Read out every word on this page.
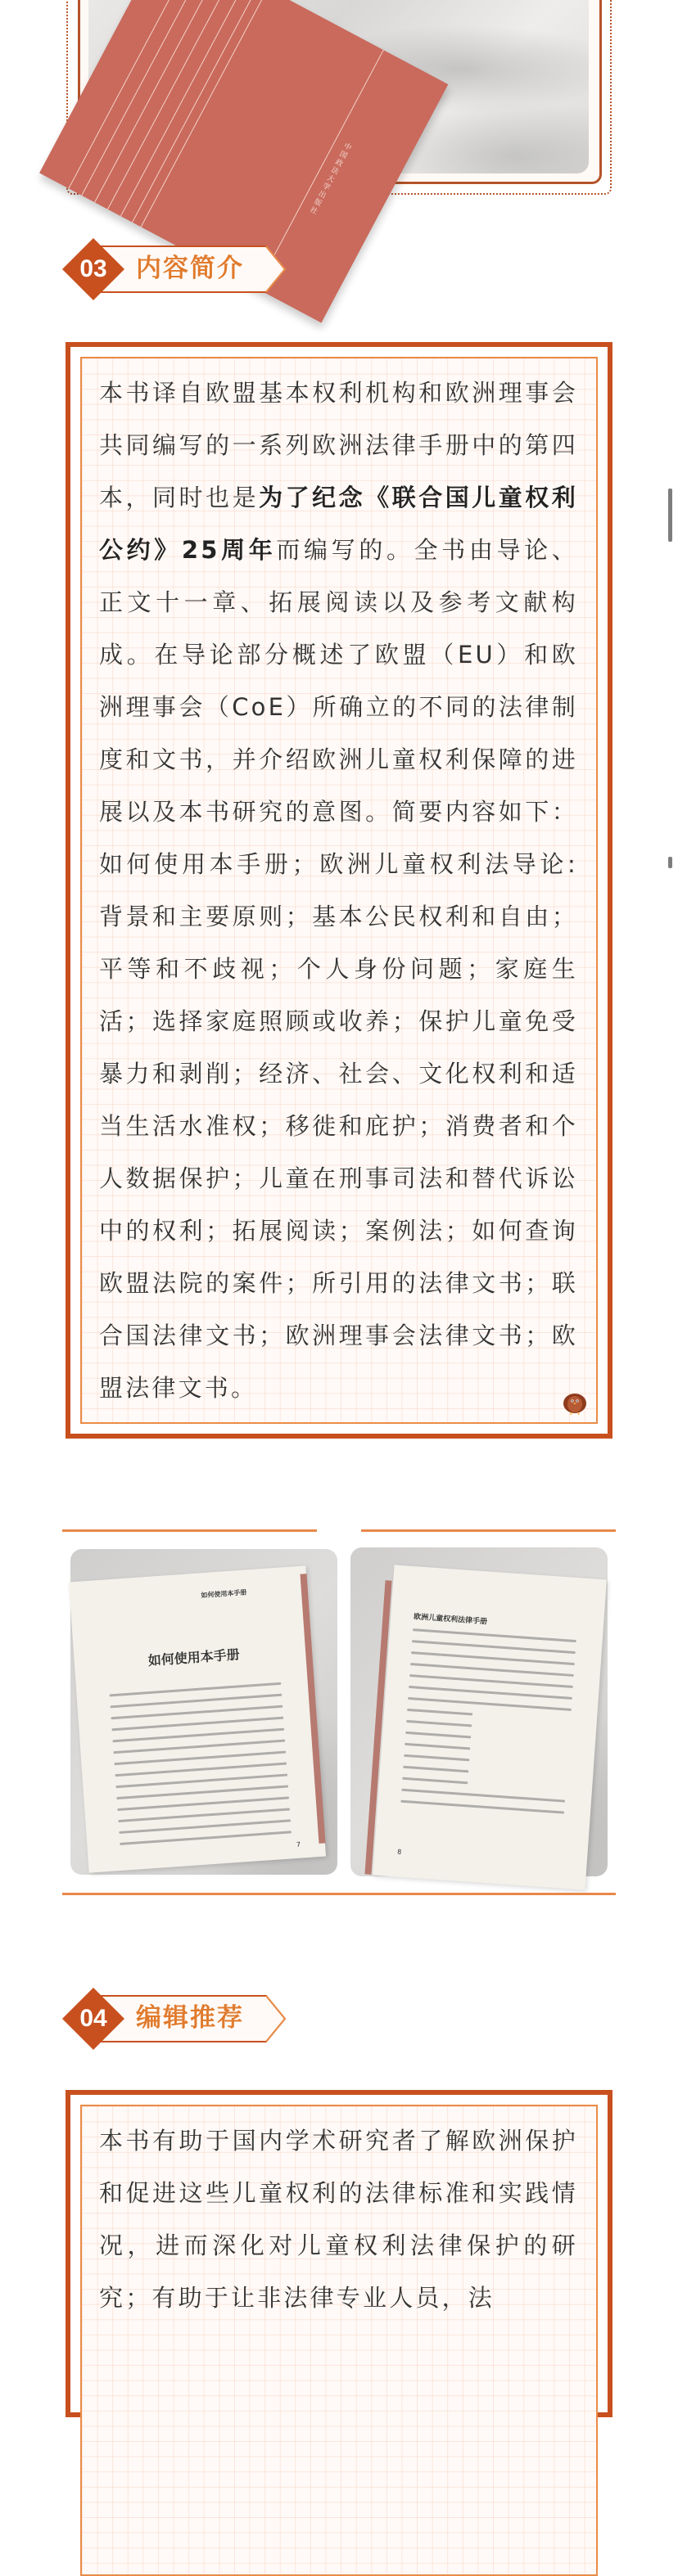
中国政法大学出版社
03	内容简介
本书译自欧盟基本权利机构和欧洲理事会共同编写的一系列欧洲法律手册中的第四本，同时也是为了纪念《联合国儿童权利公约》25周年而编写的。全书由导论、正文十一章、拓展阅读以及参考文献构成。在导论部分概述了欧盟（EU）和欧洲理事会（CoE）所确立的不同的法律制度和文书，并介绍欧洲儿童权利保障的进展以及本书研究的意图。简要内容如下：如何使用本手册；欧洲儿童权利法导论: 背景和主要原则；基本公民权利和自由；平等和不歧视；个人身份问题；家庭生活；选择家庭照顾或收养；保护儿童免受暴力和剥削；经济、社会、文化权利和适当生活水准权；移徙和庇护；消费者和个人数据保护；儿童在刑事司法和替代诉讼中的权利；拓展阅读；案例法；如何查询欧盟法院的案件；所引用的法律文书；联合国法律文书；欧洲理事会法律文书；欧盟法律文书。
如何使用本手册
如何使用本手册
7
欧洲儿童权利法律手册
8
04	编辑推荐
本书有助于国内学术研究者了解欧洲保护和促进这些儿童权利的法律标准和实践情况，进而深化对儿童权利法律保护的研究；有助于让非法律专业人员，法
